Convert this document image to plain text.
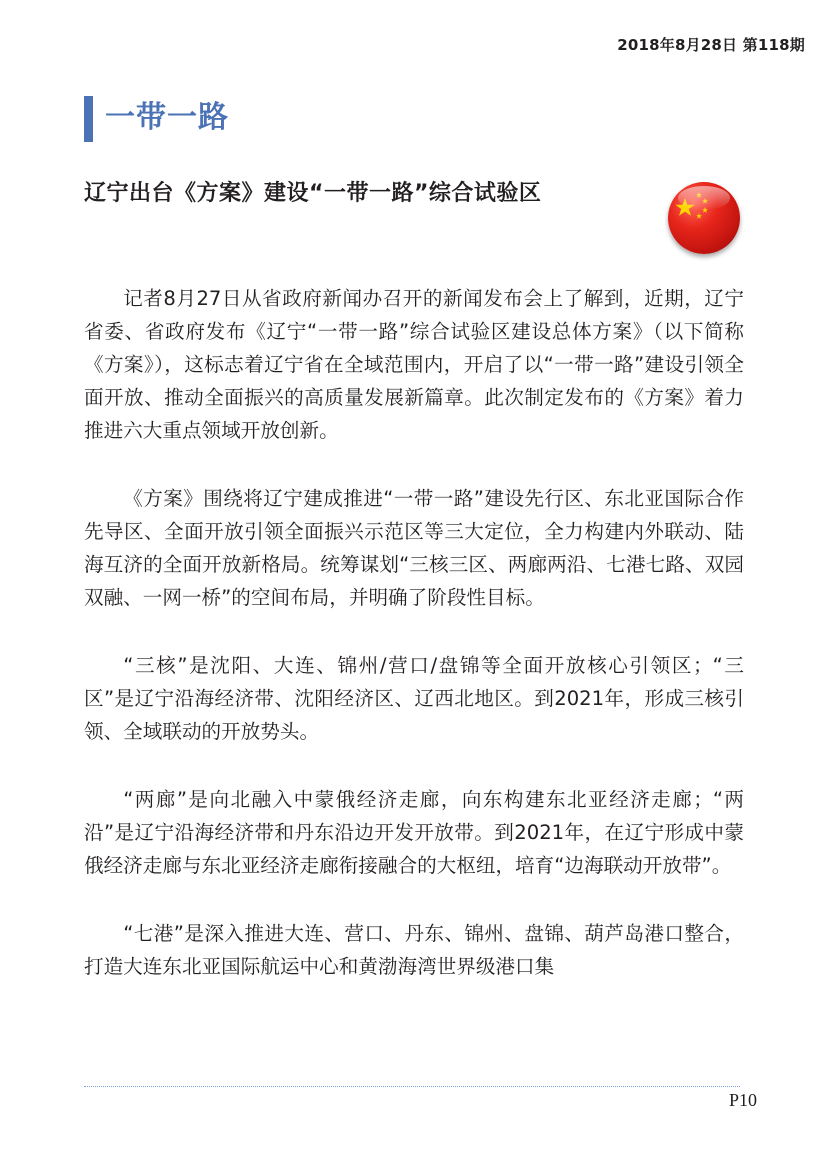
2018年8月28日 第118期
一带一路
辽宁出台《方案》建设“一带一路”综合试验区

记者8月27日从省政府新闻办召开的新闻发布会上了解到，近期，辽宁省委、省政府发布《辽宁“一带一路”综合试验区建设总体方案》（以下简称《方案》），这标志着辽宁省在全域范围内，开启了以“一带一路”建设引领全面开放、推动全面振兴的高质量发展新篇章。此次制定发布的《方案》着力推进六大重点领域开放创新。

《方案》围绕将辽宁建成推进“一带一路”建设先行区、东北亚国际合作先导区、全面开放引领全面振兴示范区等三大定位，全力构建内外联动、陆海互济的全面开放新格局。统筹谋划“三核三区、两廊两沿、七港七路、双园双融、一网一桥”的空间布局，并明确了阶段性目标。

“三核”是沈阳、大连、锦州/营口/盘锦等全面开放核心引领区；“三区”是辽宁沿海经济带、沈阳经济区、辽西北地区。到2021年，形成三核引领、全域联动的开放势头。

“两廊”是向北融入中蒙俄经济走廊，向东构建东北亚经济走廊；“两沿”是辽宁沿海经济带和丹东沿边开发开放带。到2021年，在辽宁形成中蒙俄经济走廊与东北亚经济走廊衔接融合的大枢纽，培育“边海联动开放带”。

“七港”是深入推进大连、营口、丹东、锦州、盘锦、葫芦岛港口整合，打造大连东北亚国际航运中心和黄渤海湾世界级港口集

P10
